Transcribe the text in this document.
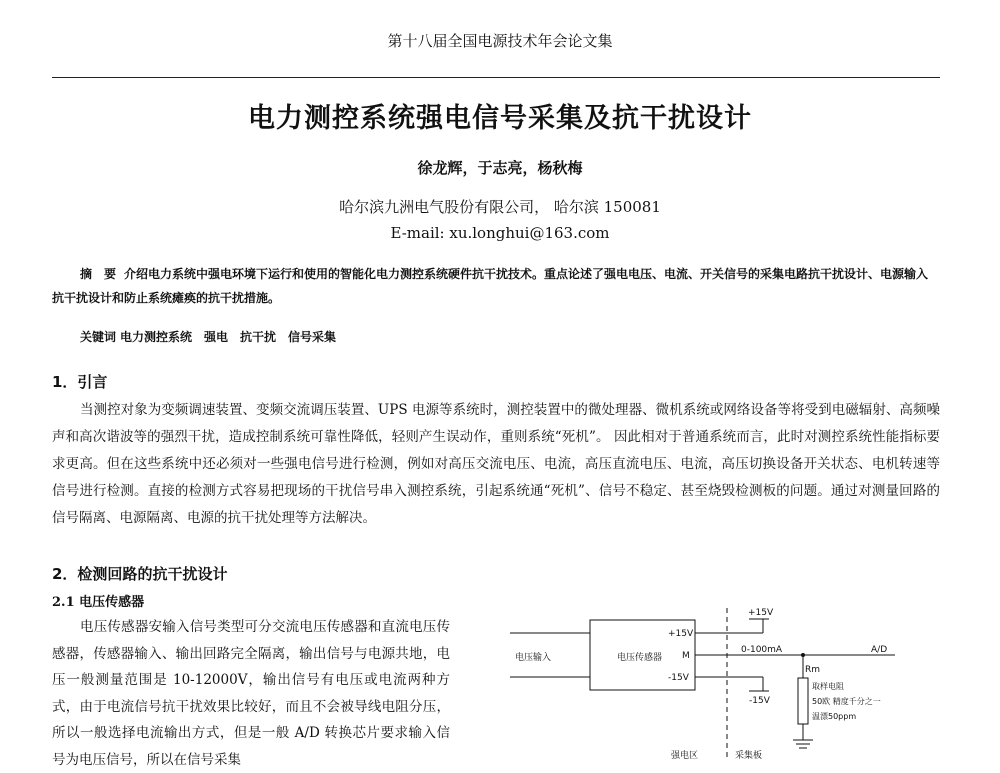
第十八届全国电源技术年会论文集
电力测控系统强电信号采集及抗干扰设计
徐龙辉，于志亮，杨秋梅
哈尔滨九洲电气股份有限公司， 哈尔滨 150081
E-mail: xu.longhui@163.com

摘　要 介绍电力系统中强电环境下运行和使用的智能化电力测控系统硬件抗干扰技术。重点论述了强电电压、电流、开关信号的采集电路抗干扰设计、电源输入抗干扰设计和防止系统瘫痪的抗干扰措施。

关键词 电力测控系统　强电　抗干扰　信号采集
1．引言

当测控对象为变频调速装置、变频交流调压装置、UPS 电源等系统时，测控装置中的微处理器、微机系统或网络设备等将受到电磁辐射、高频噪声和高次谐波等的强烈干扰，造成控制系统可靠性降低，轻则产生误动作，重则系统“死机”。 因此相对于普通系统而言，此时对测控系统性能指标要求更高。但在这些系统中还必须对一些强电信号进行检测，例如对高压交流电压、电流，高压直流电压、电流，高压切换设备开关状态、电机转速等信号进行检测。直接的检测方式容易把现场的干扰信号串入测控系统，引起系统通“死机”、信号不稳定、甚至烧毁检测板的问题。通过对测量回路的信号隔离、电源隔离、电源的抗干扰处理等方法解决。

2．检测回路的抗干扰设计
2.1 电压传感器

电压传感器安输入信号类型可分交流电压传感器和直流电压传感器，传感器输入、输出回路完全隔离，输出信号与电源共地，电压一般测量范围是 10-12000V，输出信号有电压或电流两种方式，由于电流信号抗干扰效果比较好，而且不会被导线电阻分压，所以一般选择电流输出方式，但是一般 A/D 转换芯片要求输入信号为电压信号，所以在信号采集

电压输入	电压传感器
+15V
M
-15V
+15V
-15V
0-100mA	A/D
Rm
取样电阻
50欧 精度千分之一
温漂50ppm
强电区	采集板
